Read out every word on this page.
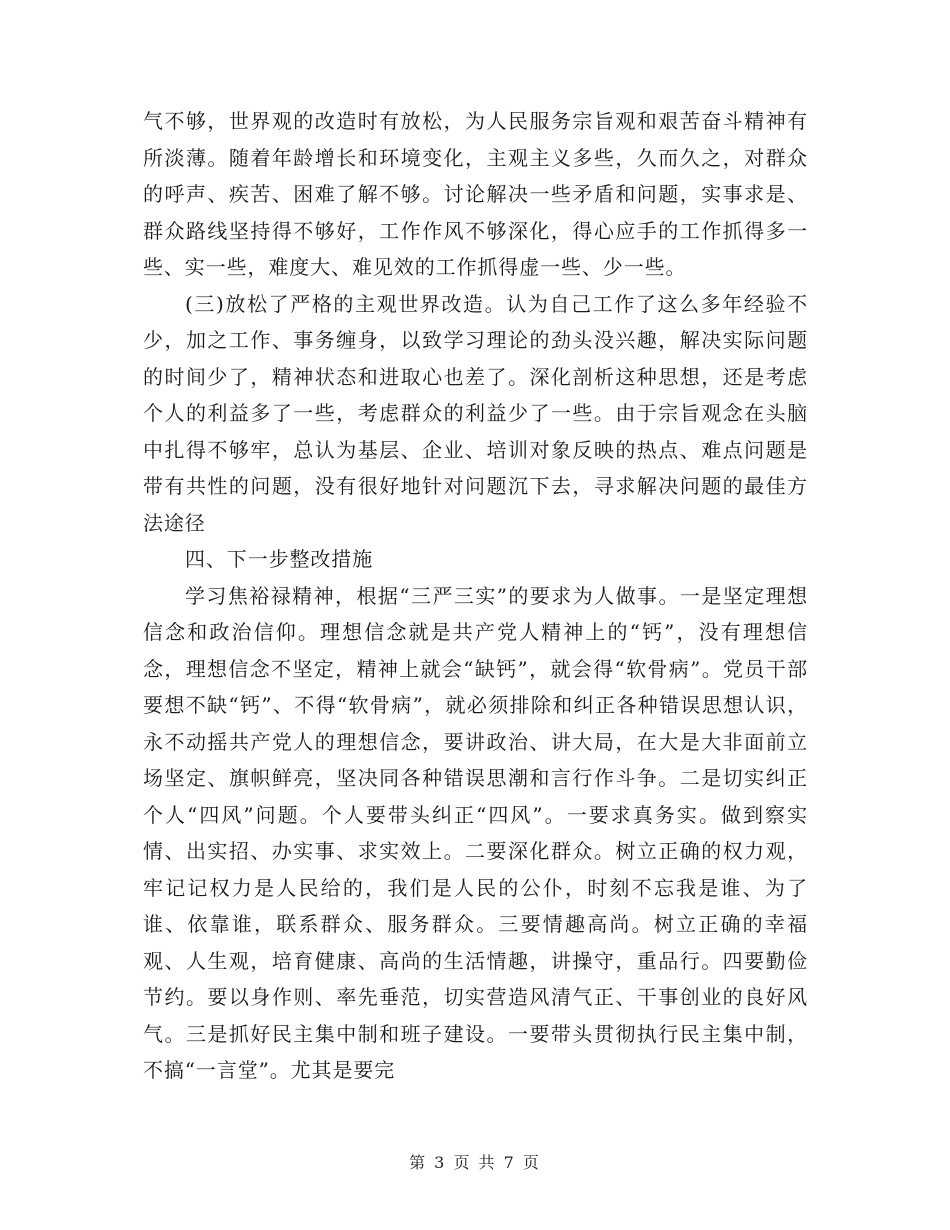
气不够，世界观的改造时有放松，为人民服务宗旨观和艰苦奋斗精神有所淡薄。随着年龄增长和环境变化，主观主义多些，久而久之，对群众的呼声、疾苦、困难了解不够。讨论解决一些矛盾和问题，实事求是、群众路线坚持得不够好，工作作风不够深化，得心应手的工作抓得多一些、实一些，难度大、难见效的工作抓得虚一些、少一些。

(三)放松了严格的主观世界改造。认为自己工作了这么多年经验不少，加之工作、事务缠身，以致学习理论的劲头没兴趣，解决实际问题的时间少了，精神状态和进取心也差了。深化剖析这种思想，还是考虑个人的利益多了一些，考虑群众的利益少了一些。由于宗旨观念在头脑中扎得不够牢，总认为基层、企业、培训对象反映的热点、难点问题是带有共性的问题，没有很好地针对问题沉下去，寻求解决问题的最佳方法途径

四、下一步整改措施

学习焦裕禄精神，根据“三严三实”的要求为人做事。一是坚定理想信念和政治信仰。理想信念就是共产党人精神上的“钙”，没有理想信念，理想信念不坚定，精神上就会“缺钙”，就会得“软骨病”。党员干部要想不缺“钙”、不得“软骨病”，就必须排除和纠正各种错误思想认识，永不动摇共产党人的理想信念，要讲政治、讲大局，在大是大非面前立场坚定、旗帜鲜亮，坚决同各种错误思潮和言行作斗争。二是切实纠正个人“四风”问题。个人要带头纠正“四风”。一要求真务实。做到察实情、出实招、办实事、求实效上。二要深化群众。树立正确的权力观，牢记记权力是人民给的，我们是人民的公仆，时刻不忘我是谁、为了谁、依靠谁，联系群众、服务群众。三要情趣高尚。树立正确的幸福观、人生观，培育健康、高尚的生活情趣，讲操守，重品行。四要勤俭节约。要以身作则、率先垂范，切实营造风清气正、干事创业的良好风气。三是抓好民主集中制和班子建设。一要带头贯彻执行民主集中制，不搞“一言堂”。尤其是要完

第 3 页 共 7 页
